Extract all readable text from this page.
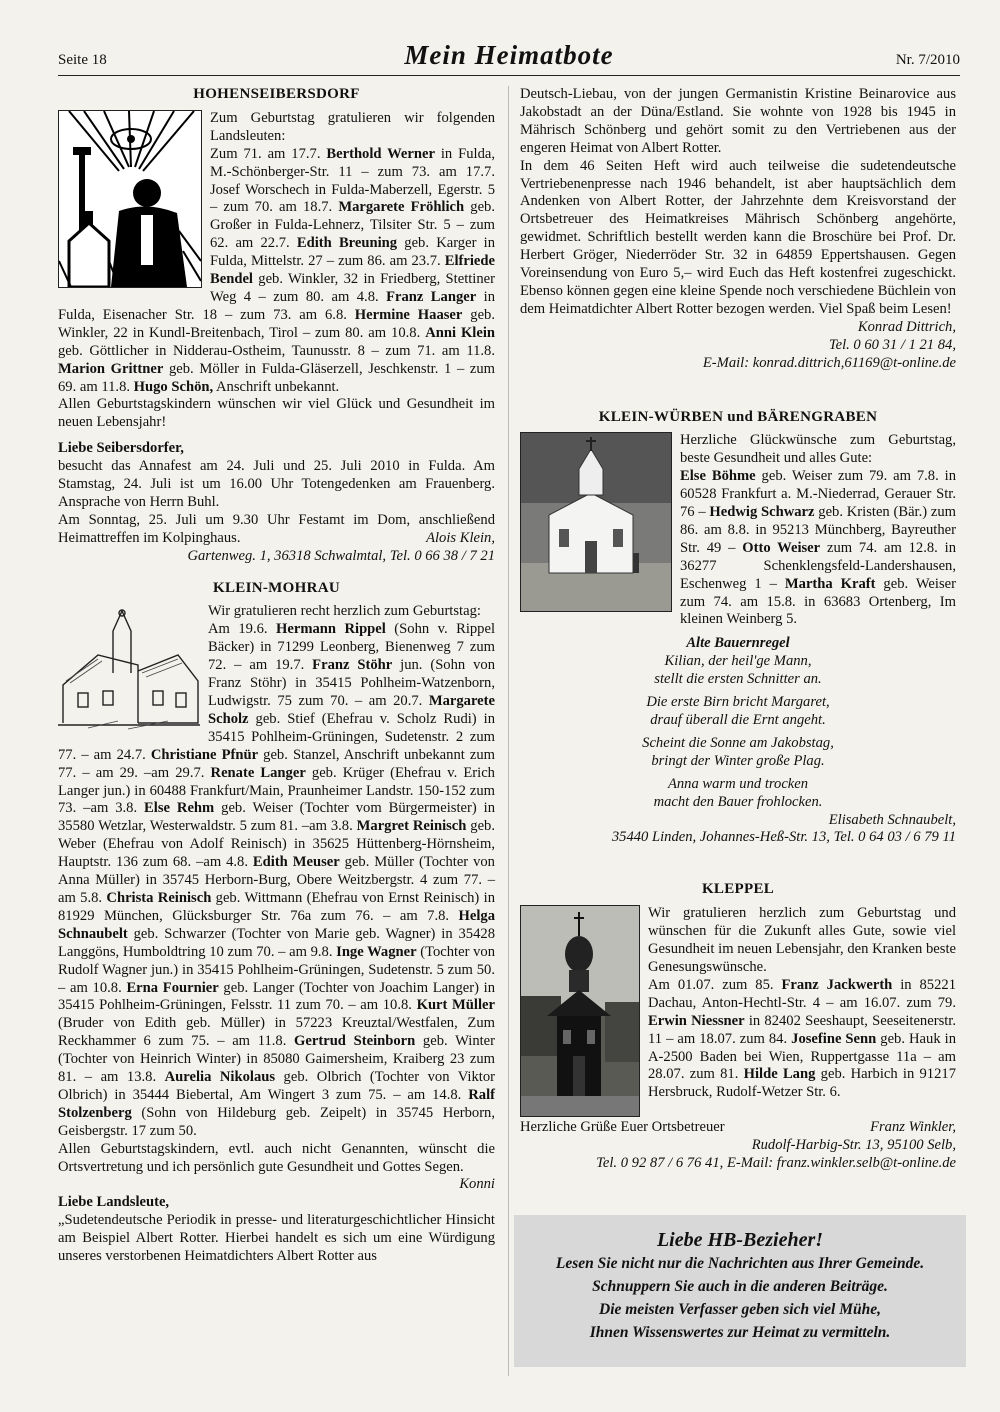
Seite 18	Mein Heimatbote	Nr. 7/2010
HOHENSEIBERSDORF

Zum Geburtstag gratulieren wir folgenden Landsleuten:

Zum 71. am 17.7. Berthold Werner in Fulda, M.-Schönberger-Str. 11 – zum 73. am 17.7. Josef Worschech in Fulda-Maberzell, Egerstr. 5 – zum 70. am 18.7. Margarete Fröhlich geb. Großer in Fulda-Lehnerz, Tilsiter Str. 5 – zum 62. am 22.7. Edith Breuning geb. Karger in Fulda, Mittelstr. 27 – zum 86. am 23.7. Elfriede Bendel geb. Winkler, 32 in Friedberg, Stettiner Weg 4 – zum 80. am 4.8. Franz Langer in Fulda, Eisenacher Str. 18 – zum 73. am 6.8. Hermine Haaser geb. Winkler, 22 in Kundl-Breitenbach, Tirol – zum 80. am 10.8. Anni Klein geb. Göttlicher in Nidderau-Ostheim, Taunusstr. 8 – zum 71. am 11.8. Marion Grittner geb. Möller in Fulda-Gläserzell, Jeschkenstr. 1 – zum 69. am 11.8. Hugo Schön, Anschrift unbekannt.

Allen Geburtstagskindern wünschen wir viel Glück und Gesundheit im neuen Lebensjahr!

Liebe Seibersdorfer,

besucht das Annafest am 24. Juli und 25. Juli 2010 in Fulda. Am Stamstag, 24. Juli ist um 16.00 Uhr Totengedenken am Frauenberg. Ansprache von Herrn Buhl.

Am Sonntag, 25. Juli um 9.30 Uhr Festamt im Dom, anschließend Heimattreffen im Kolpinghaus.	Alois Klein,

Gartenweg. 1, 36318 Schwalmtal, Tel. 0 66 38 / 7 21

KLEIN-MOHRAU

Wir gratulieren recht herzlich zum Geburtstag:

Am 19.6. Hermann Rippel (Sohn v. Rippel Bäcker) in 71299 Leonberg, Bienenweg 7 zum 72. – am 19.7. Franz Stöhr jun. (Sohn von Franz Stöhr) in 35415 Pohlheim-Watzenborn, Ludwigstr. 75 zum 70. – am 20.7. Margarete Scholz geb. Stief (Ehefrau v. Scholz Rudi) in 35415 Pohlheim-Grüningen, Sudetenstr. 2 zum 77. – am 24.7. Christiane Pfnür geb. Stanzel, Anschrift unbekannt zum 77. – am 29. –am 29.7. Renate Langer geb. Krüger (Ehefrau v. Erich Langer jun.) in 60488 Frankfurt/Main, Praunheimer Landstr. 150-152 zum 73. –am 3.8. Else Rehm geb. Weiser (Tochter vom Bürgermeister) in 35580 Wetzlar, Westerwaldstr. 5 zum 81. –am 3.8. Margret Reinisch geb. Weber (Ehefrau von Adolf Reinisch) in 35625 Hüttenberg-Hörnsheim, Hauptstr. 136 zum 68. –am 4.8. Edith Meuser geb. Müller (Tochter von Anna Müller) in 35745 Herborn-Burg, Obere Weitzbergstr. 4 zum 77. – am 5.8. Christa Reinisch geb. Wittmann (Ehefrau von Ernst Reinisch) in 81929 München, Glücksburger Str. 76a zum 76. – am 7.8. Helga Schnaubelt geb. Schwarzer (Tochter von Marie geb. Wagner) in 35428 Langgöns, Humboldtring 10 zum 70. – am 9.8. Inge Wagner (Tochter von Rudolf Wagner jun.) in 35415 Pohlheim-Grüningen, Sudetenstr. 5 zum 50. – am 10.8. Erna Fournier geb. Langer (Tochter von Joachim Langer) in 35415 Pohlheim-Grüningen, Felsstr. 11 zum 70. – am 10.8. Kurt Müller (Bruder von Edith geb. Müller) in 57223 Kreuztal/Westfalen, Zum Reckhammer 6 zum 75. – am 11.8. Gertrud Steinborn geb. Winter (Tochter von Heinrich Winter) in 85080 Gaimersheim, Kraiberg 23 zum 81. – am 13.8. Aurelia Nikolaus geb. Olbrich (Tochter von Viktor Olbrich) in 35444 Biebertal, Am Wingert 3 zum 75. – am 14.8. Ralf Stolzenberg (Sohn von Hildeburg geb. Zeipelt) in 35745 Herborn, Geisbergstr. 17 zum 50.

Allen Geburtstagskindern, evtl. auch nicht Genannten, wünscht die Ortsvertretung und ich persönlich gute Gesundheit und Gottes Segen.
Konni

Liebe Landsleute,

„Sudetendeutsche Periodik in presse- und literaturgeschichtlicher Hinsicht am Beispiel Albert Rotter. Hierbei handelt es sich um eine Würdigung unseres verstorbenen Heimatdichters Albert Rotter aus

Deutsch-Liebau, von der jungen Germanistin Kristine Beinarovice aus Jakobstadt an der Düna/Estland. Sie wohnte von 1928 bis 1945 in Mährisch Schönberg und gehört somit zu den Vertriebenen aus der engeren Heimat von Albert Rotter.

In dem 46 Seiten Heft wird auch teilweise die sudetendeutsche Vertriebenenpresse nach 1946 behandelt, ist aber hauptsächlich dem Andenken von Albert Rotter, der Jahrzehnte dem Kreisvorstand der Ortsbetreuer des Heimatkreises Mährisch Schönberg angehörte, gewidmet. Schriftlich bestellt werden kann die Broschüre bei Prof. Dr. Herbert Gröger, Niederröder Str. 32 in 64859 Eppertshausen. Gegen Voreinsendung von Euro 5,– wird Euch das Heft kostenfrei zugeschickt. Ebenso können gegen eine kleine Spende noch verschiedene Büchlein von dem Heimatdichter Albert Rotter bezogen werden. Viel Spaß beim Lesen!

Konrad Dittrich,

Tel. 0 60 31 / 1 21 84,

E-Mail: konrad.dittrich,61169@t-online.de

KLEIN-WÜRBEN und BÄRENGRABEN

Herzliche Glückwünsche zum Geburtstag, beste Gesundheit und alles Gute:

Else Böhme geb. Weiser zum 79. am 7.8. in 60528 Frankfurt a. M.-Niederrad, Gerauer Str. 76 – Hedwig Schwarz geb. Kristen (Bär.) zum 86. am 8.8. in 95213 Münchberg, Bayreuther Str. 49 – Otto Weiser zum 74. am 12.8. in 36277 Schenklengsfeld-Landershausen, Eschenweg 1 – Martha Kraft geb. Weiser zum 74. am 15.8. in 63683 Ortenberg, Im kleinen Weinberg 5.

Alte Bauernregel
Kilian, der heil'ge Mann,
stellt die ersten Schnitter an.
Die erste Birn bricht Margaret,
drauf überall die Ernt angeht.
Scheint die Sonne am Jakobstag,
bringt der Winter große Plag.
Anna warm und trocken
macht den Bauer frohlocken.

Elisabeth Schnaubelt,

35440 Linden, Johannes-Heß-Str. 13, Tel. 0 64 03 / 6 79 11

KLEPPEL

Wir gratulieren herzlich zum Geburtstag und wünschen für die Zukunft alles Gute, sowie viel Gesundheit im neuen Lebensjahr, den Kranken beste Genesungswünsche.

Am 01.07. zum 85. Franz Jackwerth in 85221 Dachau, Anton-Hechtl-Str. 4 – am 16.07. zum 79. Erwin Niessner in 82402 Seeshaupt, Seeseitenerstr. 11 – am 18.07. zum 84. Josefine Senn geb. Hauk in A-2500 Baden bei Wien, Ruppertgasse 11a – am 28.07. zum 81. Hilde Lang geb. Harbich in 91217 Hersbruck, Rudolf-Wetzer Str. 6.

Herzliche Grüße Euer Ortsbetreuer	Franz Winkler,

Rudolf-Harbig-Str. 13, 95100 Selb,

Tel. 0 92 87 / 6 76 41, E-Mail: franz.winkler.selb@t-online.de

Liebe HB-Bezieher!
Lesen Sie nicht nur die Nachrichten aus Ihrer Gemeinde.
Schnuppern Sie auch in die anderen Beiträge.
Die meisten Verfasser geben sich viel Mühe,
Ihnen Wissenswertes zur Heimat zu vermitteln.
